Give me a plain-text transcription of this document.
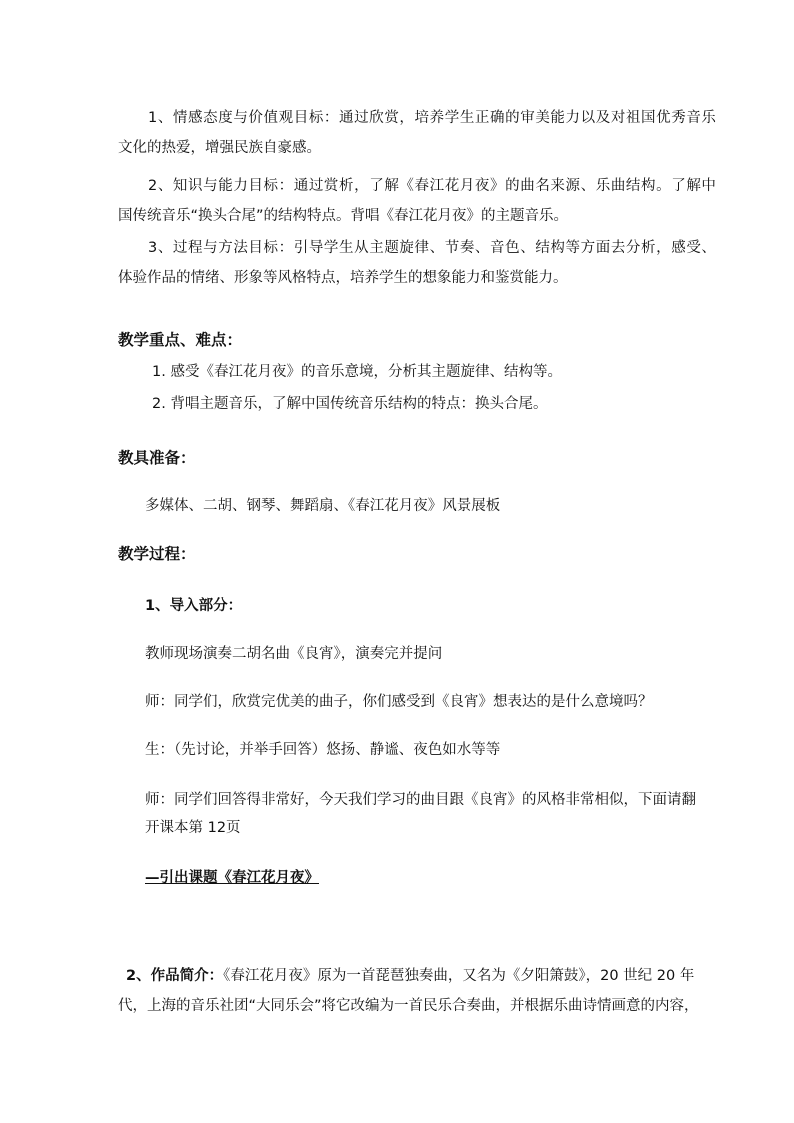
1、情感态度与价值观目标：通过欣赏，培养学生正确的审美能力以及对祖国优秀音乐
文化的热爱，增强民族自豪感。
2、知识与能力目标：通过赏析，了解《春江花月夜》的曲名来源、乐曲结构。了解中
国传统音乐“换头合尾”的结构特点。背唱《春江花月夜》的主题音乐。
3、过程与方法目标：引导学生从主题旋律、节奏、音色、结构等方面去分析，感受、
体验作品的情绪、形象等风格特点，培养学生的想象能力和鉴赏能力。
教学重点、难点：
1. 感受《春江花月夜》的音乐意境，分析其主题旋律、结构等。
2. 背唱主题音乐，了解中国传统音乐结构的特点：换头合尾。
教具准备：
多媒体、二胡、钢琴、舞蹈扇、《春江花月夜》风景展板
教学过程：
1、导入部分：
教师现场演奏二胡名曲《良宵》，演奏完并提问
师：同学们，欣赏完优美的曲子，你们感受到《良宵》想表达的是什么意境吗？
生：（先讨论，并举手回答）悠扬、静谧、夜色如水等等
师：同学们回答得非常好，今天我们学习的曲目跟《良宵》的风格非常相似，下面请翻
开课本第 12页
—引出课题《春江花月夜》
2、作品简介：《春江花月夜》原为一首琵琶独奏曲，又名为《夕阳箫鼓》，20 世纪 20 年
代，上海的音乐社团“大同乐会”将它改编为一首民乐合奏曲，并根据乐曲诗情画意的内容，
